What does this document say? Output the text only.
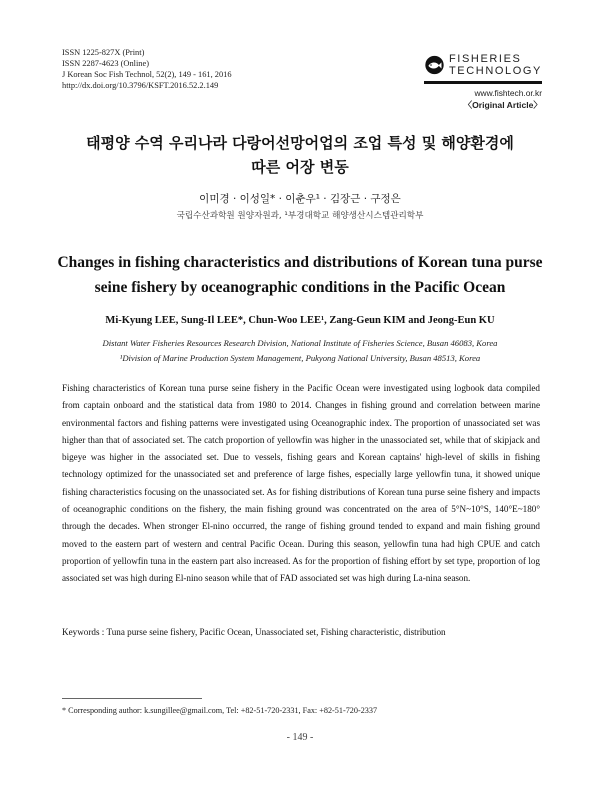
ISSN 1225-827X (Print)
ISSN 2287-4623 (Online)
J Korean Soc Fish Technol, 52(2), 149 - 161, 2016
http://dx.doi.org/10.3796/KSFT.2016.52.2.149
FISHERIES
TECHNOLOGY
www.fishtech.or.kr
〈Original Article〉
태평양 수역 우리나라 다랑어선망어업의 조업 특성 및 해양환경에
따른 어장 변동
이미경 · 이성일* · 이춘우¹ · 김장근 · 구정은
국립수산과학원 원양자원과, ¹부경대학교 해양생산시스템관리학부
Changes in fishing characteristics and distributions of Korean tuna purse
seine fishery by oceanographic conditions in the Pacific Ocean
Mi-Kyung LEE, Sung-Il LEE*, Chun-Woo LEE¹, Zang-Geun KIM and Jeong-Eun KU
Distant Water Fisheries Resources Research Division, National Institute of Fisheries Science, Busan 46083, Korea
¹Division of Marine Production System Management, Pukyong National University, Busan 48513, Korea
Fishing characteristics of Korean tuna purse seine fishery in the Pacific Ocean were investigated using logbook data compiled from captain onboard and the statistical data from 1980 to 2014. Changes in fishing ground and correlation between marine environmental factors and fishing patterns were investigated using Oceanographic index. The proportion of unassociated set was higher than that of associated set. The catch proportion of yellowfin was higher in the unassociated set, while that of skipjack and bigeye was higher in the associated set. Due to vessels, fishing gears and Korean captains' high-level of skills in fishing technology optimized for the unassociated set and preference of large fishes, especially large yellowfin tuna, it showed unique fishing characteristics focusing on the unassociated set. As for fishing distributions of Korean tuna purse seine fishery and impacts of oceanographic conditions on the fishery, the main fishing ground was concentrated on the area of 5°N~10°S, 140°E~180° through the decades. When stronger El-nino occurred, the range of fishing ground tended to expand and main fishing ground moved to the eastern part of western and central Pacific Ocean. During this season, yellowfin tuna had high CPUE and catch proportion of yellowfin tuna in the eastern part also increased. As for the proportion of fishing effort by set type, proportion of log associated set was high during El-nino season while that of FAD associated set was high during La-nina season.
Keywords : Tuna purse seine fishery, Pacific Ocean, Unassociated set, Fishing characteristic, distribution
* Corresponding author: k.sungillee@gmail.com, Tel: +82-51-720-2331, Fax: +82-51-720-2337
- 149 -
